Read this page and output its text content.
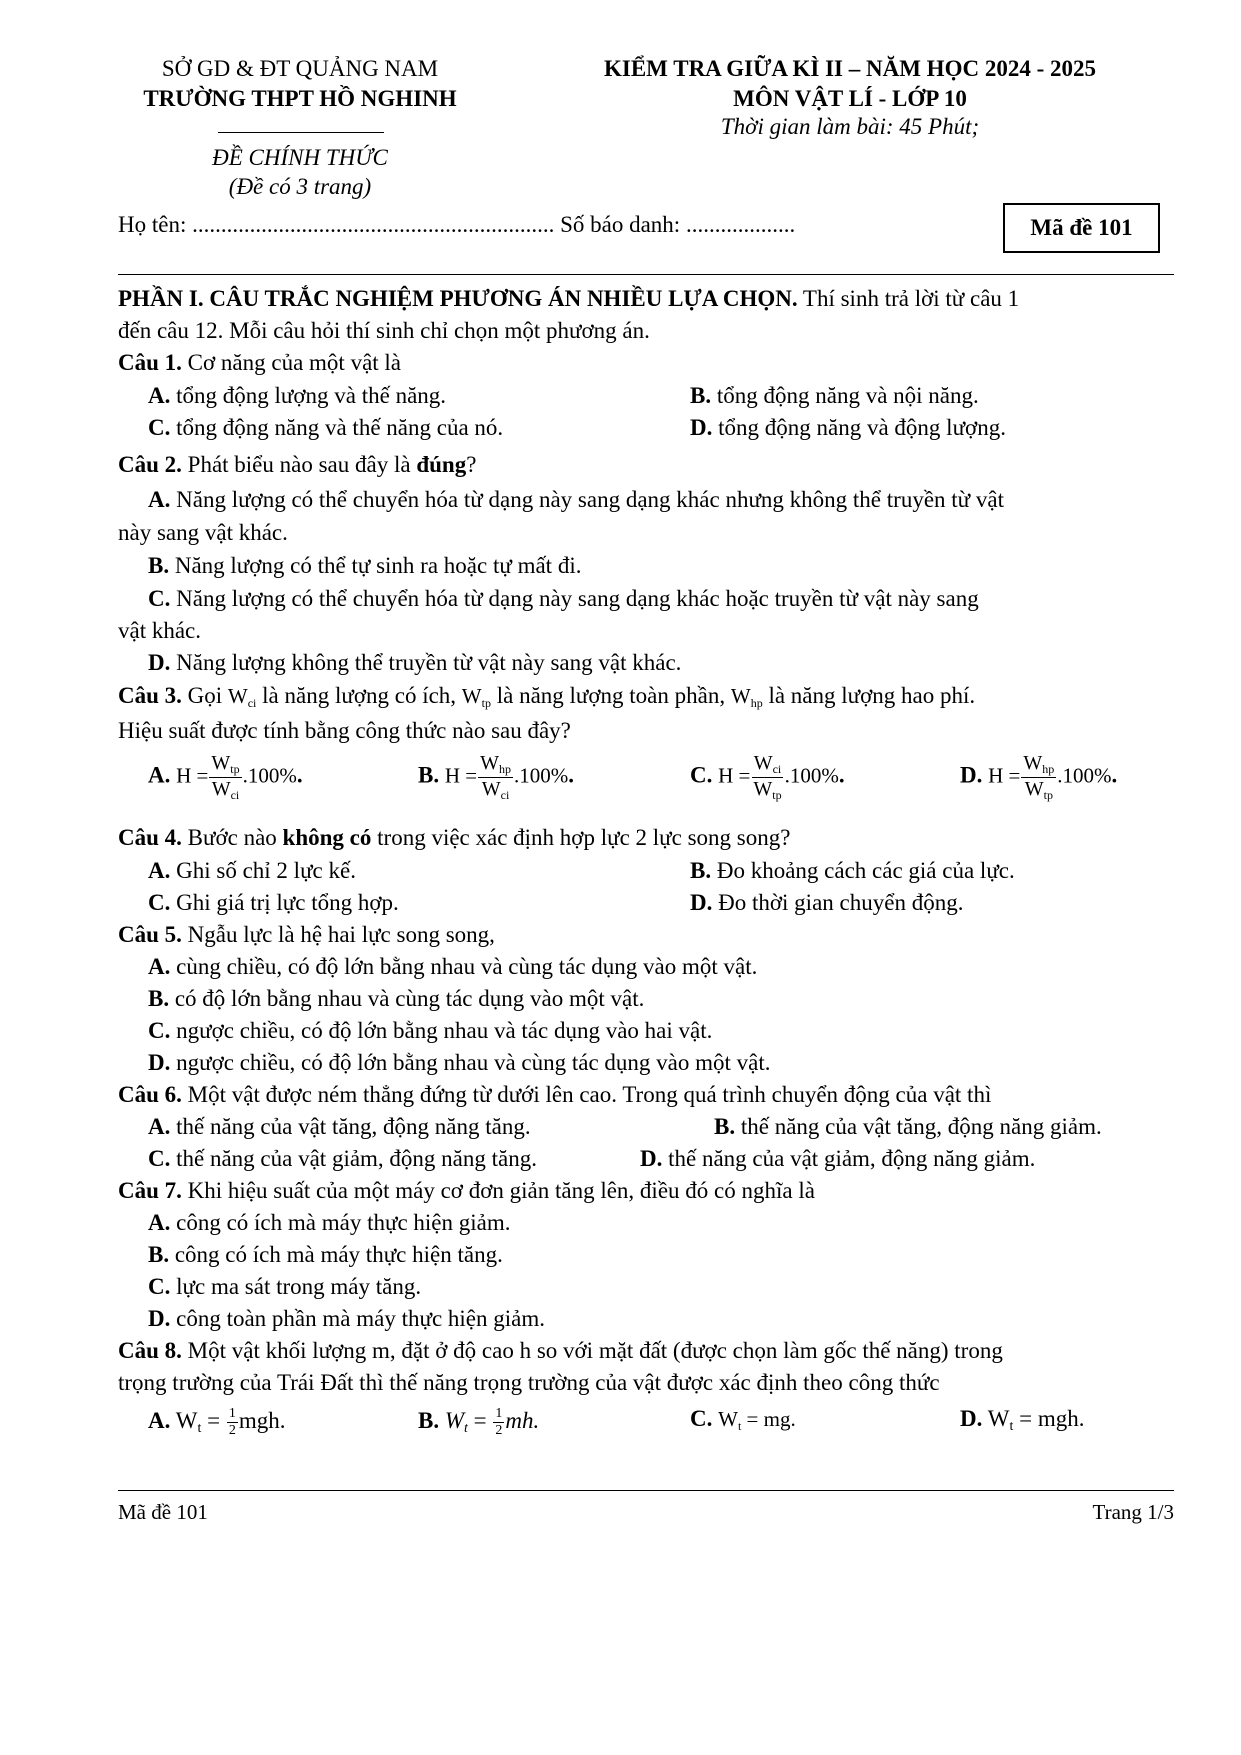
SỞ GD & ĐT QUẢNG NAM
TRƯỜNG THPT HỒ NGHINH
ĐỀ CHÍNH THỨC
(Đề có 3 trang)
KIỂM TRA GIỮA KÌ II – NĂM HỌC 2024 - 2025
MÔN VẬT LÍ - LỚP 10
Thời gian làm bài: 45 Phút;
Họ tên: ............................................................... Số báo danh: ...................	Mã đề 101
PHẦN I. CÂU TRẮC NGHIỆM PHƯƠNG ÁN NHIỀU LỰA CHỌN. Thí sinh trả lời từ câu 1
đến câu 12. Mỗi câu hỏi thí sinh chỉ chọn một phương án.
Câu 1. Cơ năng của một vật là
A. tổng động lượng và thế năng.	B. tổng động năng và nội năng.
C. tổng động năng và thế năng của nó.	D. tổng động năng và động lượng.
Câu 2. Phát biểu nào sau đây là đúng?
A. Năng lượng có thể chuyển hóa từ dạng này sang dạng khác nhưng không thể truyền từ vật
này sang vật khác.
B. Năng lượng có thể tự sinh ra hoặc tự mất đi.
C. Năng lượng có thể chuyển hóa từ dạng này sang dạng khác hoặc truyền từ vật này sang
vật khác.
D. Năng lượng không thể truyền từ vật này sang vật khác.
Câu 3. Gọi $W_{ci}$ là năng lượng có ích, $W_{tp}$ là năng lượng toàn phần, $W_{hp}$ là năng lượng hao phí.
Hiệu suất được tính bằng công thức nào sau đây?
A. $H = \frac{W_{tp}}{W_{ci}} .100\%$.	B. $H = \frac{W_{hp}}{W_{ci}} .100\%$.	C. $H = \frac{W_{ci}}{W_{tp}} .100\%$.	D. $H = \frac{W_{hp}}{W_{tp}} .100\%$.
Câu 4. Bước nào không có trong việc xác định hợp lực 2 lực song song?
A. Ghi số chỉ 2 lực kế.	B. Đo khoảng cách các giá của lực.
C. Ghi giá trị lực tổng hợp.	D. Đo thời gian chuyển động.
Câu 5. Ngẫu lực là hệ hai lực song song,
A. cùng chiều, có độ lớn bằng nhau và cùng tác dụng vào một vật.
B. có độ lớn bằng nhau và cùng tác dụng vào một vật.
C. ngược chiều, có độ lớn bằng nhau và tác dụng vào hai vật.
D. ngược chiều, có độ lớn bằng nhau và cùng tác dụng vào một vật.
Câu 6. Một vật được ném thẳng đứng từ dưới lên cao. Trong quá trình chuyển động của vật thì
A. thế năng của vật tăng, động năng tăng.	B. thế năng của vật tăng, động năng giảm.
C. thế năng của vật giảm, động năng tăng.	D. thế năng của vật giảm, động năng giảm.
Câu 7. Khi hiệu suất của một máy cơ đơn giản tăng lên, điều đó có nghĩa là
A. công có ích mà máy thực hiện giảm.
B. công có ích mà máy thực hiện tăng.
C. lực ma sát trong máy tăng.
D. công toàn phần mà máy thực hiện giảm.
Câu 8. Một vật khối lượng m, đặt ở độ cao h so với mặt đất (được chọn làm gốc thế năng) trong
trọng trường của Trái Đất thì thế năng trọng trường của vật được xác định theo công thức
A. $W_t = \frac{1}{2}$ mgh.	B. $W_t = \frac{1}{2}$ mh.	C. $W_t$ = mg.	D. $W_t$ = mgh.
Mã đề 101	Trang 1/3
